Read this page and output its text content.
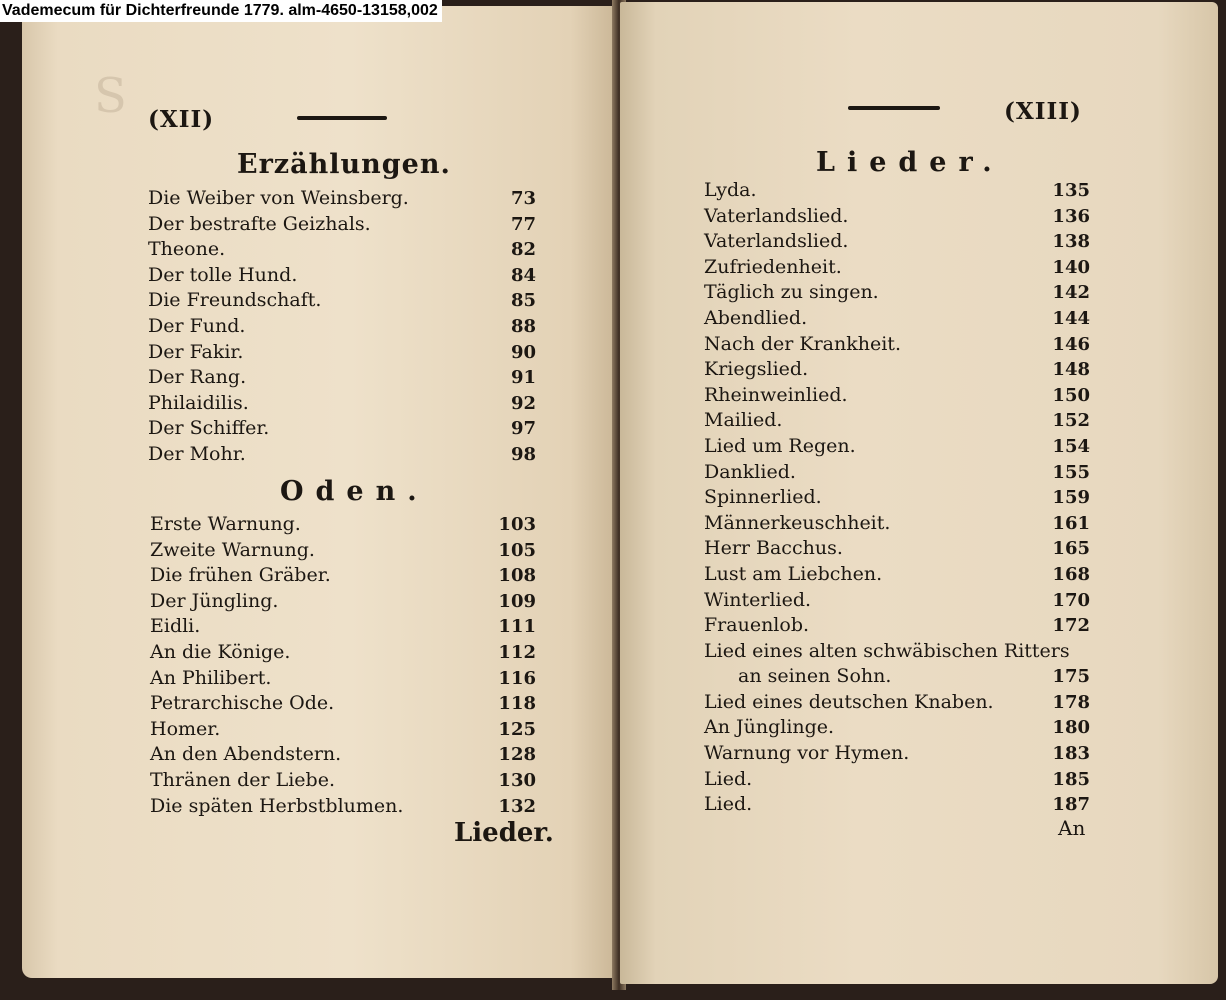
Vademecum für Dichterfreunde 1779. alm-4650-13158,002
S (XII)
Erzählungen.
Die Weiber von Weinsberg.	73
Der bestrafte Geizhals.	77
Theone.	82
Der tolle Hund.	84
Die Freundschaft.	85
Der Fund.	88
Der Fakir.	90
Der Rang.	91
Philaidilis.	92
Der Schiffer.	97
Der Mohr.	98
Oden.
Erste Warnung.	103
Zweite Warnung.	105
Die frühen Gräber.	108
Der Jüngling.	109
Eidli.	111
An die Könige.	112
An Philibert.	116
Petrarchische Ode.	118
Homer.	125
An den Abendstern.	128
Thränen der Liebe.	130
Die späten Herbstblumen.	132
Lieder.
(XIII)
Lieder.
Lyda.	135
Vaterlandslied.	136
Vaterlandslied.	138
Zufriedenheit.	140
Täglich zu singen.	142
Abendlied.	144
Nach der Krankheit.	146
Kriegslied.	148
Rheinweinlied.	150
Mailied.	152
Lied um Regen.	154
Danklied.	155
Spinnerlied.	159
Männerkeuschheit.	161
Herr Bacchus.	165
Lust am Liebchen.	168
Winterlied.	170
Frauenlob.	172
Lied eines alten schwäbischen Ritters
an seinen Sohn.	175
Lied eines deutschen Knaben.	178
An Jünglinge.	180
Warnung vor Hymen.	183
Lied.	185
Lied.	187
An
